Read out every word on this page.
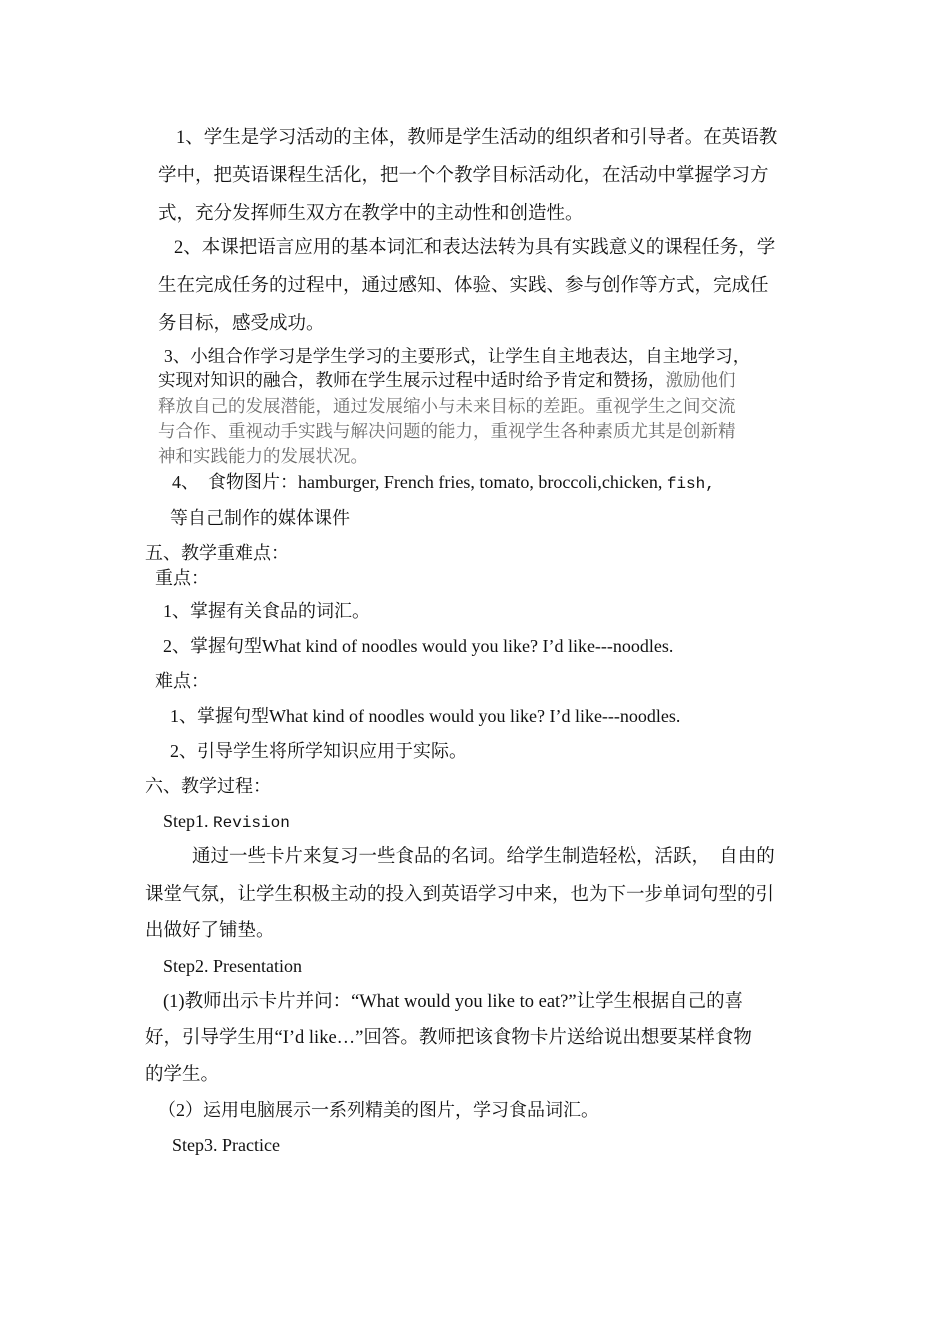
1、学生是学习活动的主体，教师是学生活动的组织者和引导者。在英语教
学中，把英语课程生活化，把一个个教学目标活动化，在活动中掌握学习方
式，充分发挥师生双方在教学中的主动性和创造性。
2、本课把语言应用的基本词汇和表达法转为具有实践意义的课程任务，学
生在完成任务的过程中，通过感知、体验、实践、参与创作等方式，完成任
务目标，感受成功。
3、小组合作学习是学生学习的主要形式，让学生自主地表达，自主地学习，
实现对知识的融合，教师在学生展示过程中适时给予肯定和赞扬，激励他们
释放自己的发展潜能，通过发展缩小与未来目标的差距。重视学生之间交流
与合作、重视动手实践与解决问题的能力，重视学生各种素质尤其是创新精
神和实践能力的发展状况。
4、　食物图片：hamburger, French fries, tomato, broccoli,chicken, fish,
等自己制作的媒体课件
五、教学重难点：
重点：
1、掌握有关食品的词汇。
2、掌握句型What kind of noodles would you like? I’d like---noodles.
难点：
1、掌握句型What kind of noodles would you like? I’d like---noodles.
2、引导学生将所学知识应用于实际。
六、教学过程：
Step1. Revision
通过一些卡片来复习一些食品的名词。给学生制造轻松，活跃，　自由的
课堂气氛，让学生积极主动的投入到英语学习中来，也为下一步单词句型的引
出做好了铺垫。
Step2. Presentation
(1)教师出示卡片并问：“What would you like to eat?”让学生根据自己的喜
好，引导学生用“I’d like…”回答。教师把该食物卡片送给说出想要某样食物
的学生。
（2）运用电脑展示一系列精美的图片，学习食品词汇。
Step3. Practice
